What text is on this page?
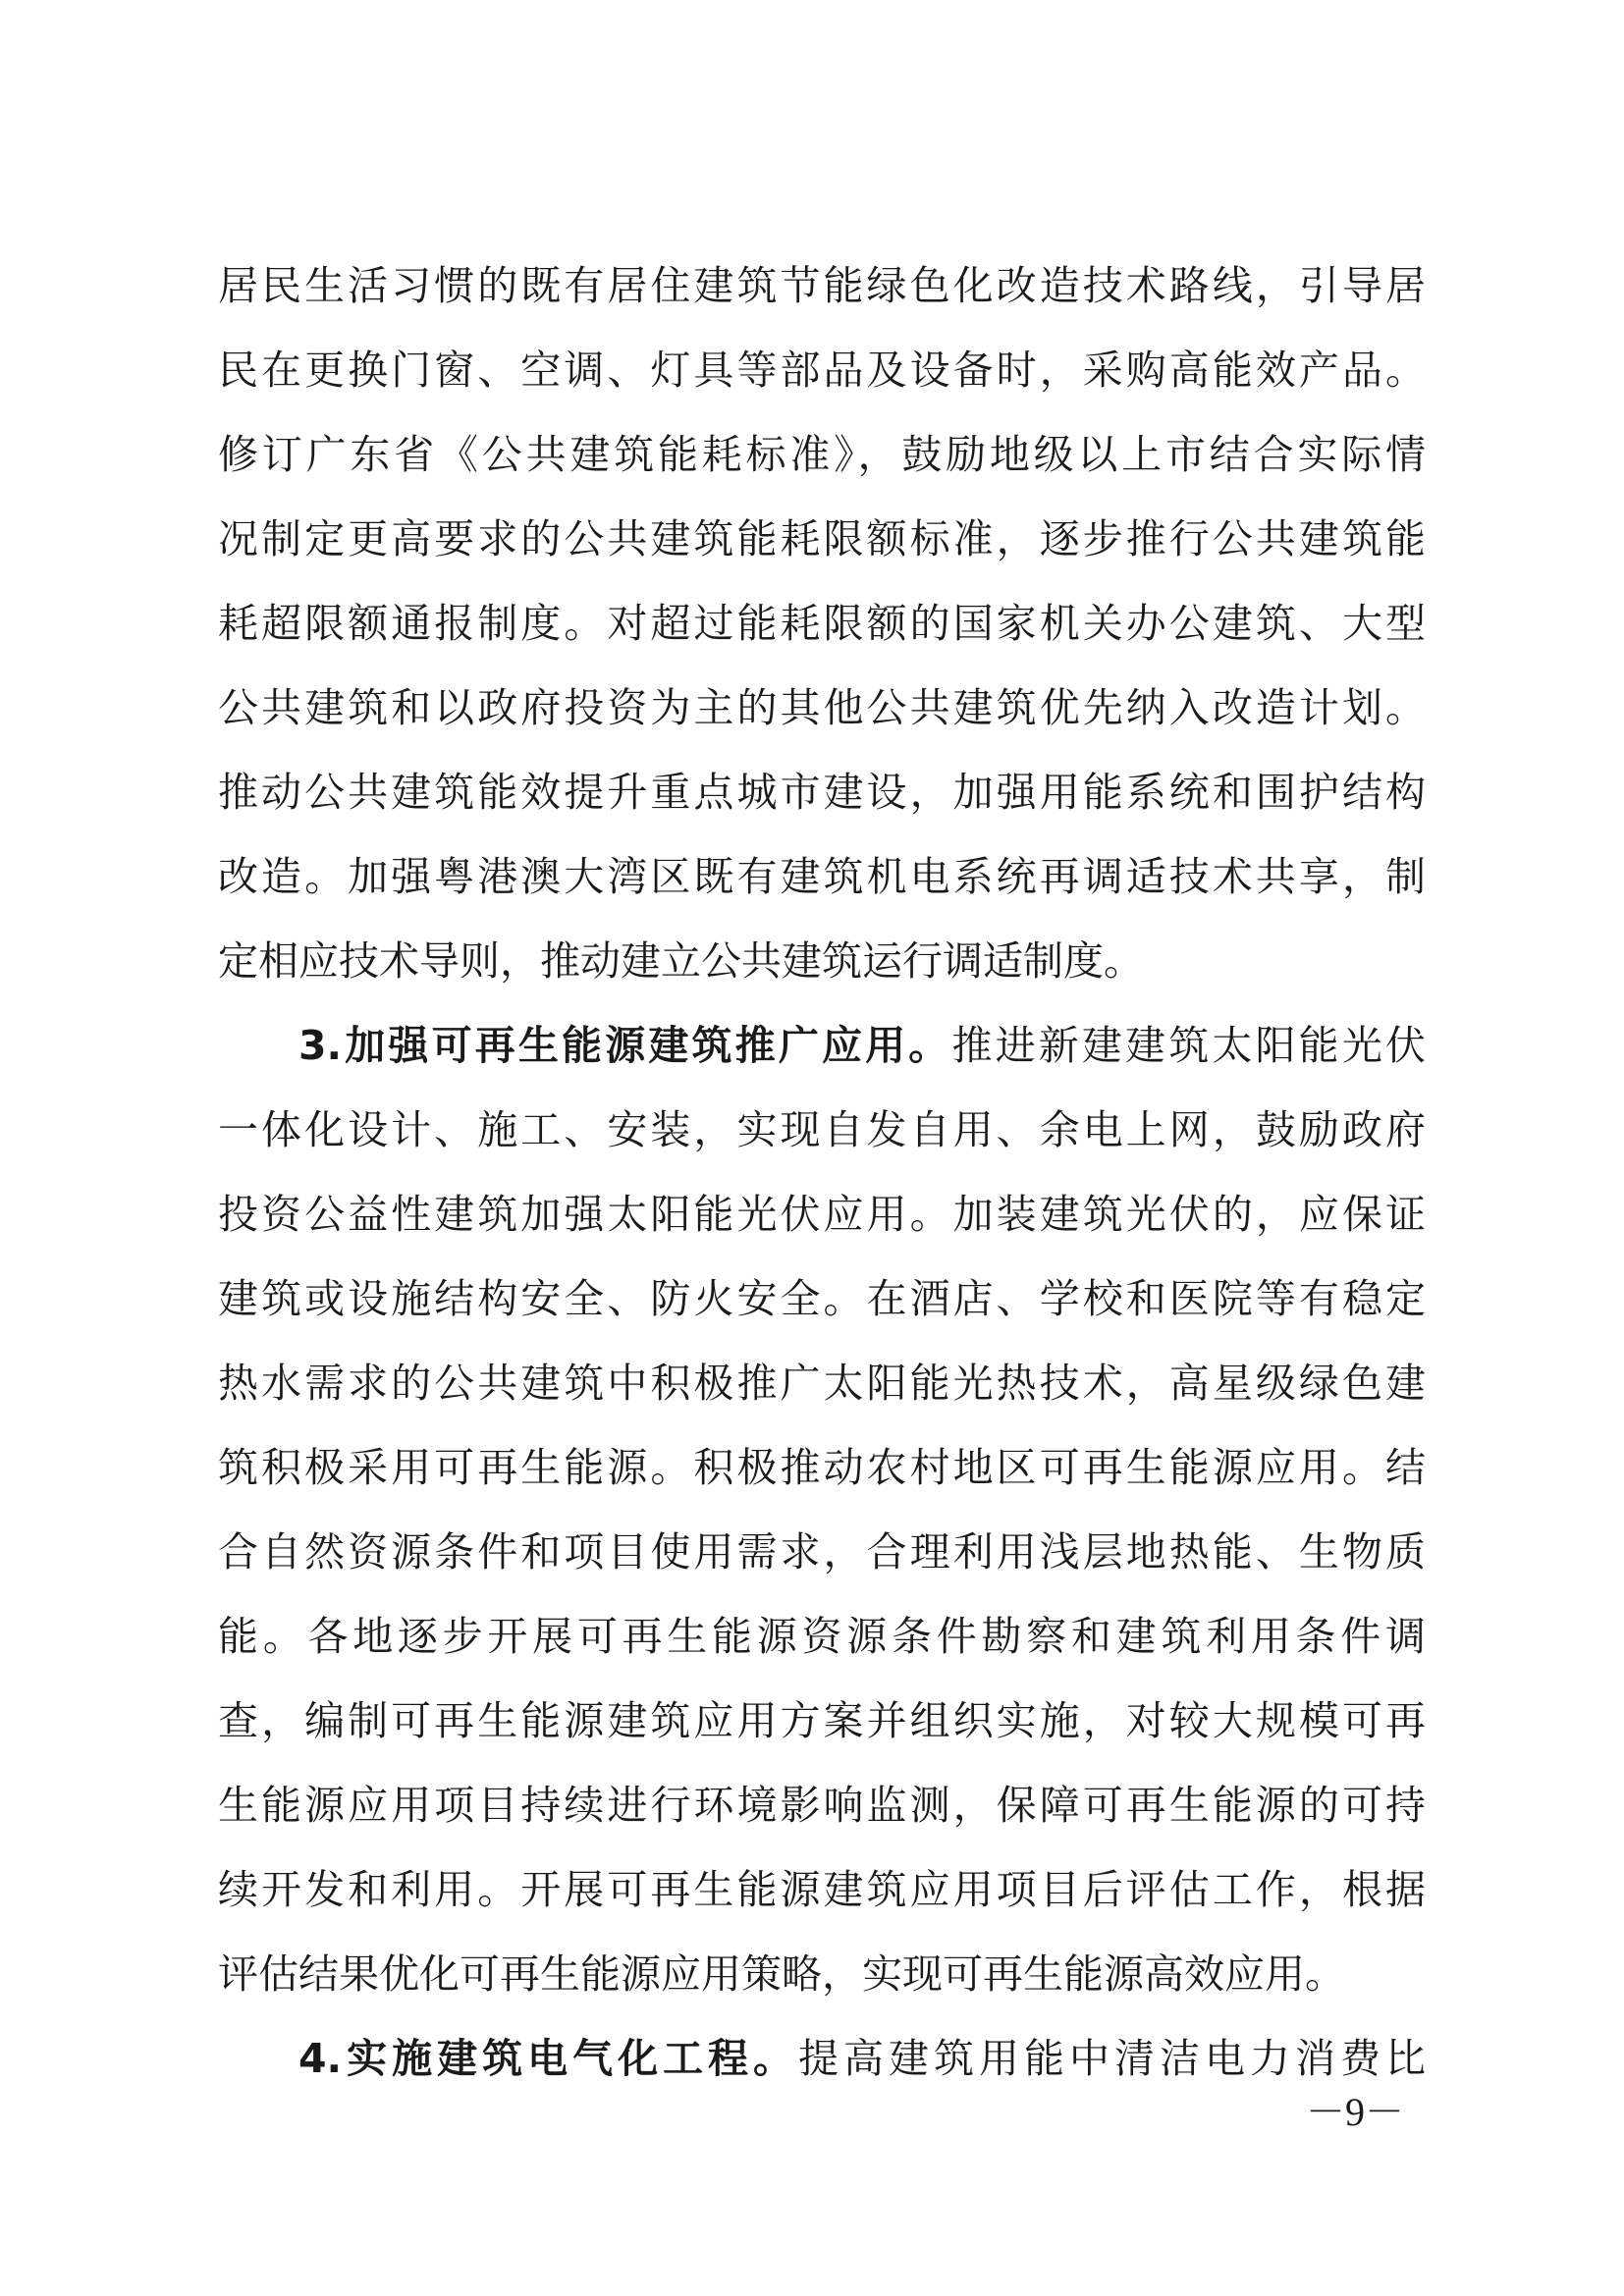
居民生活习惯的既有居住建筑节能绿色化改造技术路线，引导居
民在更换门窗、空调、灯具等部品及设备时，采购高能效产品。
修订广东省《公共建筑能耗标准》，鼓励地级以上市结合实际情
况制定更高要求的公共建筑能耗限额标准，逐步推行公共建筑能
耗超限额通报制度。对超过能耗限额的国家机关办公建筑、大型
公共建筑和以政府投资为主的其他公共建筑优先纳入改造计划。
推动公共建筑能效提升重点城市建设，加强用能系统和围护结构
改造。加强粤港澳大湾区既有建筑机电系统再调适技术共享，制
定相应技术导则，推动建立公共建筑运行调适制度。
3.加强可再生能源建筑推广应用。推进新建建筑太阳能光伏
一体化设计、施工、安装，实现自发自用、余电上网，鼓励政府
投资公益性建筑加强太阳能光伏应用。加装建筑光伏的，应保证
建筑或设施结构安全、防火安全。在酒店、学校和医院等有稳定
热水需求的公共建筑中积极推广太阳能光热技术，高星级绿色建
筑积极采用可再生能源。积极推动农村地区可再生能源应用。结
合自然资源条件和项目使用需求，合理利用浅层地热能、生物质
能。各地逐步开展可再生能源资源条件勘察和建筑利用条件调
查，编制可再生能源建筑应用方案并组织实施，对较大规模可再
生能源应用项目持续进行环境影响监测，保障可再生能源的可持
续开发和利用。开展可再生能源建筑应用项目后评估工作，根据
评估结果优化可再生能源应用策略，实现可再生能源高效应用。
4.实施建筑电气化工程。提高建筑用能中清洁电力消费比
－9－
